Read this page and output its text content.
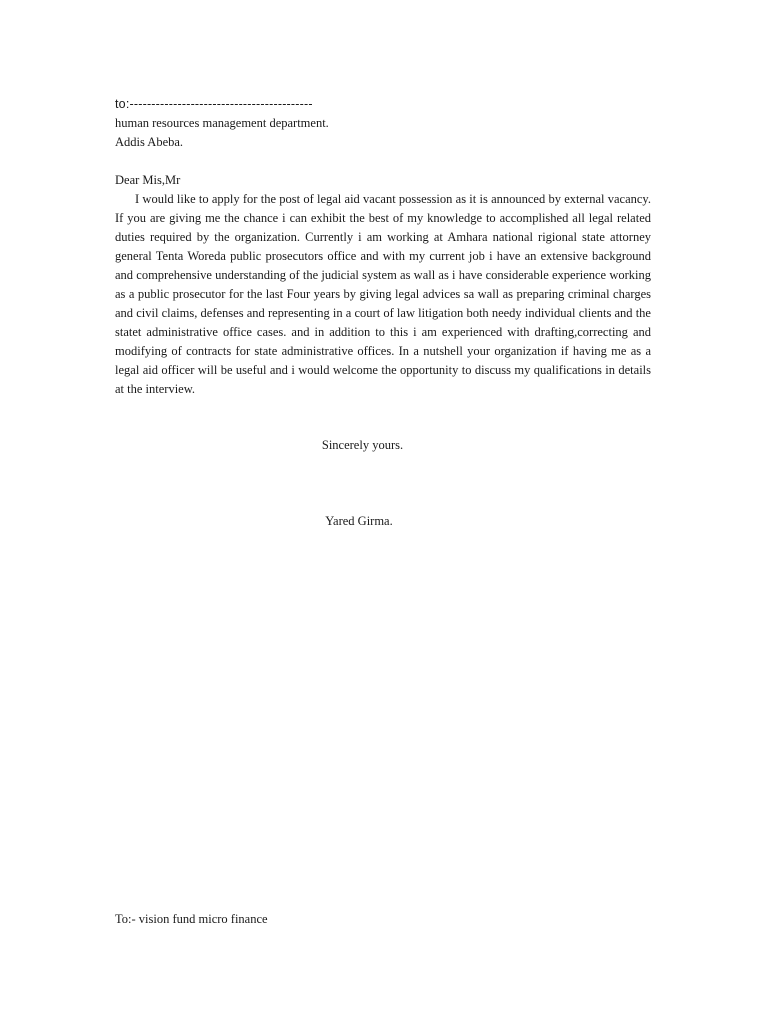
to:------------------------------------------
human resources management department.
Addis Abeba.
Dear Mis,Mr

I would like to apply for the post of legal aid vacant possession as it is announced by external vacancy. If you are giving me the chance i can exhibit the best of my knowledge to accomplished all legal related duties required by the organization. Currently i am working at Amhara national rigional state attorney general Tenta Woreda public prosecutors office and with my current job i have an extensive background and comprehensive understanding of the judicial system as wall as i have considerable experience working as a public prosecutor for the last Four years by giving legal advices sa wall as preparing criminal charges and civil claims, defenses and representing in a court of law litigation both needy individual clients and the statet administrative office cases. and in addition to this i am experienced with drafting,correcting and modifying of contracts for state administrative offices. In a nutshell your organization if having me as a legal aid officer will be useful and i would welcome the opportunity to discuss my qualifications in details at the interview.

Sincerely yours.
Yared Girma.
To:- vision fund micro finance
